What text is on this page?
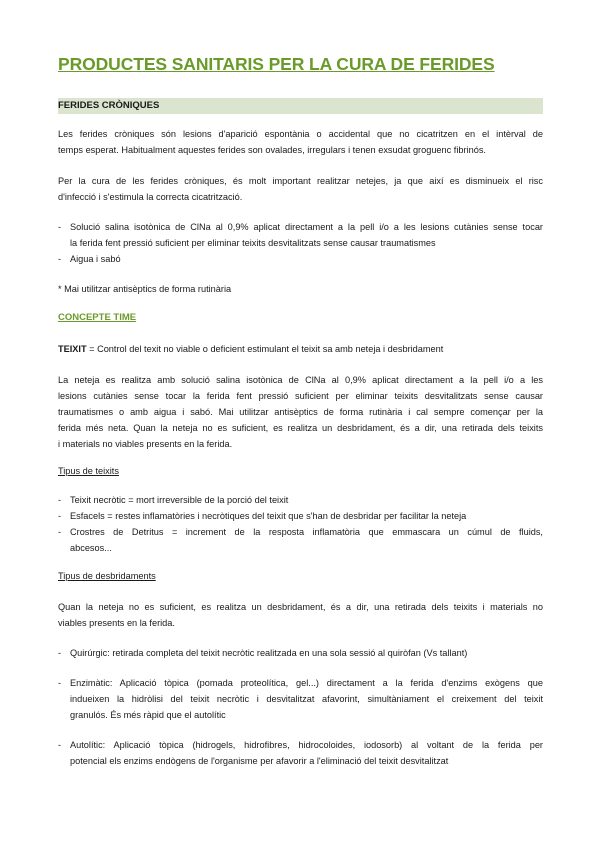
PRODUCTES SANITARIS PER LA CURA DE FERIDES
FERIDES CRÒNIQUES
Les ferides cròniques són lesions d'aparició espontània o accidental que no cicatritzen en el intèrval de
temps esperat. Habitualment aquestes ferides son ovalades, irregulars i tenen exsudat groguenc fibrinós.
Per la cura de les ferides cròniques, és molt important realitzar netejes, ja que així es disminueix el risc
d'infecció i s'estimula la correcta cicatrització.
- Solució salina isotònica de ClNa al 0,9% aplicat directament a la pell i/o a les lesions cutànies sense tocar
la ferida fent pressió suficient per eliminar teixits desvitalitzats sense causar traumatismes
- Aigua i sabó
* Mai utilitzar antisèptics de forma rutinària
CONCEPTE TIME
TEIXIT = Control del texit no viable o deficient estimulant el teixit sa amb neteja i desbridament
La neteja es realitza amb solució salina isotònica de ClNa al 0,9% aplicat directament a la pell i/o a les
lesions cutànies sense tocar la ferida fent pressió suficient per eliminar teixits desvitalitzats sense causar
traumatismes o amb aigua i sabó. Mai utilitzar antisèptics de forma rutinària i cal sempre començar per la
ferida més neta. Quan la neteja no es suficient, es realitza un desbridament, és a dir, una retirada dels teixits
i materials no viables presents en la ferida.
Tipus de teixits
- Teixit necròtic = mort irreversible de la porció del teixit
- Esfacels = restes inflamatòries i necròtiques del teixit que s'han de desbridar per facilitar la neteja
- Crostres de Detritus = increment de la resposta inflamatòria que emmascara un cúmul de fluids,
abcesos...
Tipus de desbridaments
Quan la neteja no es suficient, es realitza un desbridament, és a dir, una retirada dels teixits i materials no
viables presents en la ferida.
- Quirúrgic: retirada completa del teixit necròtic realitzada en una sola sessió al quiròfan (Vs tallant)
- Enzimàtic: Aplicació tòpica (pomada proteolítica, gel...) directament a la ferida d'enzims exògens que
indueixen la hidròlisi del teixit necròtic i desvitalitzat afavorint, simultàniament el creixement del teixit
granulós. És més ràpid que el autolític
- Autolític: Aplicació tòpica (hidrogels, hidrofibres, hidrocoloides, iodosorb) al voltant de la ferida per
potencial els enzims endògens de l'organisme per afavorir a l'eliminació del teixit desvitalitzat
